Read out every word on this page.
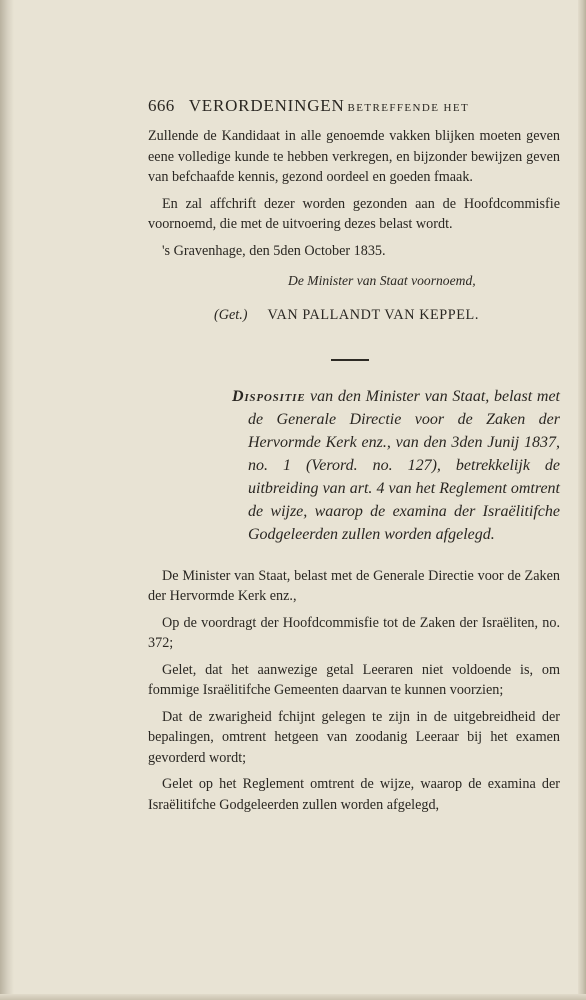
666 VERORDENINGEN BETREFFENDE HET

Zullende de Kandidaat in alle genoemde vakken blijken moeten geven eene volledige kunde te hebben verkregen, en bijzonder bewijzen geven van befchaafde kennis, gezond oordeel en goeden fmaak.

En zal affchrift dezer worden gezonden aan de Hoofdcommisfie voornoemd, die met de uitvoering dezes belast wordt.

's Gravenhage, den 5den October 1835.
De Minister van Staat voornoemd,
(Get.) VAN PALLANDT VAN KEPPEL.
Dispositie van den Minister van Staat, belast met de Generale Directie voor de Zaken der Hervormde Kerk enz., van den 3den Junij 1837, no. 1 (Verord. no. 127), betrekkelijk de uitbreiding van art. 4 van het Reglement omtrent de wijze, waarop de examina der Israëlitifche Godgeleerden zullen worden afgelegd.

De Minister van Staat, belast met de Generale Directie voor de Zaken der Hervormde Kerk enz.,

Op de voordragt der Hoofdcommisfie tot de Zaken der Israëliten, no. 372;

Gelet, dat het aanwezige getal Leeraren niet voldoende is, om fommige Israëlitifche Gemeenten daarvan te kunnen voorzien;

Dat de zwarigheid fchijnt gelegen te zijn in de uitgebreidheid der bepalingen, omtrent hetgeen van zoodanig Leeraar bij het examen gevorderd wordt;

Gelet op het Reglement omtrent de wijze, waarop de examina der Israëlitifche Godgeleerden zullen worden afgelegd,
